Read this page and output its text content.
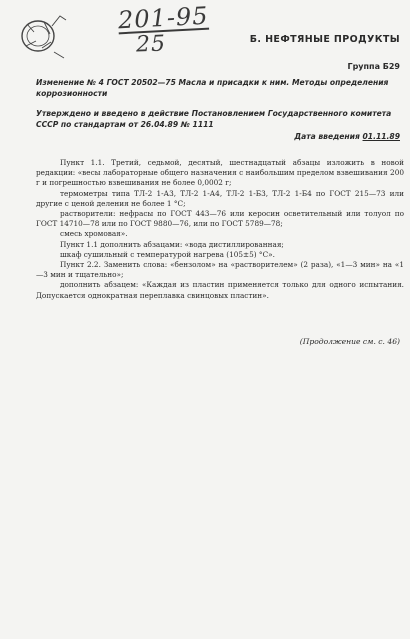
201-95
25	Б. НЕФТЯНЫЕ ПРОДУКТЫ
Группа Б29
Изменение № 4 ГОСТ 20502—75 Масла и присадки к ним. Методы определения коррозионности
Утверждено и введено в действие Постановлением Государственного комитета СССР по стандартам от 26.04.89 № 1111
Дата введения 01.11.89

Пункт 1.1. Третий, седьмой, десятый, шестнадцатый абзацы изложить в новой редакции: «весы лабораторные общего назначения с наибольшим пределом взвешивания 200 г и погрешностью взвешивания не более 0,0002 г;

термометры типа ТЛ-2 1-А3, ТЛ-2 1-А4, ТЛ-2 1-Б3, ТЛ-2 1-Б4 по ГОСТ 215—73 или другие с ценой деления не более 1 °С;

растворители: нефрасы по ГОСТ 443—76 или керосин осветительный или толуол по ГОСТ 14710—78 или по ГОСТ 9880—76, или по ГОСТ 5789—78;

смесь хромовая».

Пункт 1.1 дополнить абзацами: «вода дистиллированная;

шкаф сушильный с температурой нагрева (105±5) °С».

Пункт 2.2. Заменить слова: «бензолом» на «растворителем» (2 раза), «1—3 мин» на «1—3 мин и тщательно»;

дополнить абзацем: «Каждая из пластин применяется только для одного испытания. Допускается однократная переплавка свинцовых пластин».

(Продолжение см. с. 46)
